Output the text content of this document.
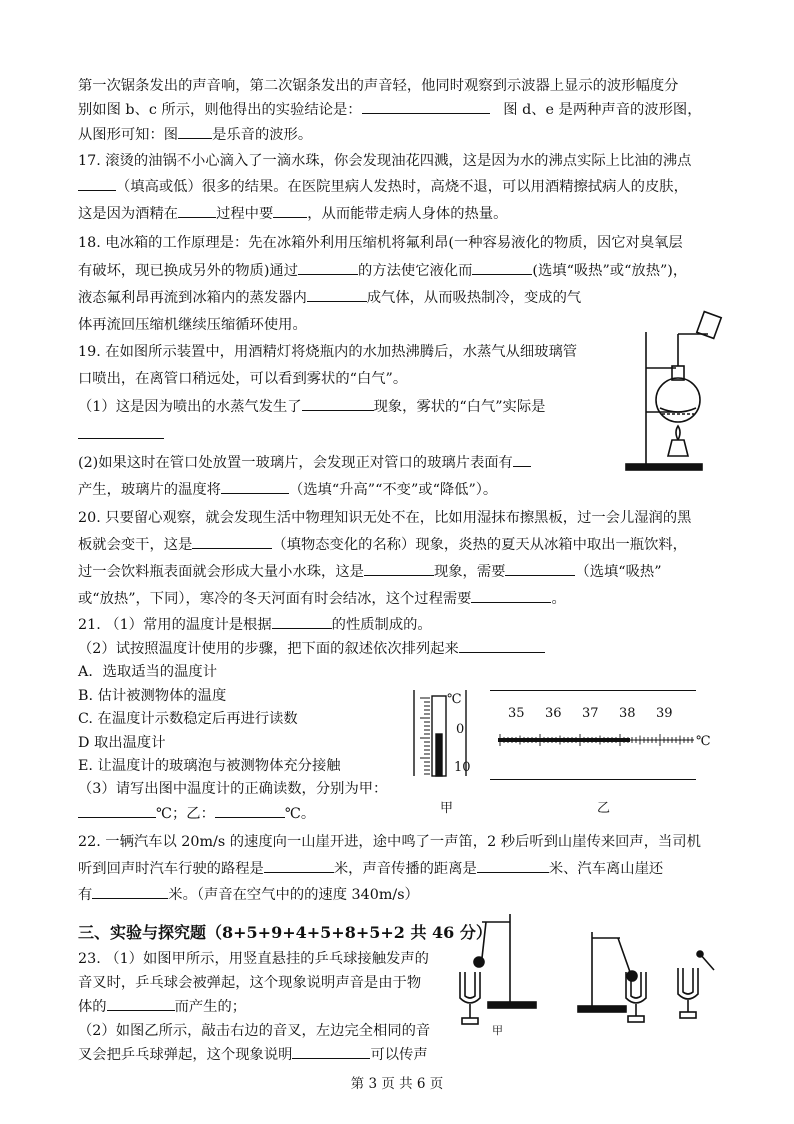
第一次锯条发出的声音响，第二次锯条发出的声音轻，他同时观察到示波器上显示的波形幅度分
别如图 b、c 所示，则他得出的实验结论是：	图 d、e 是两种声音的波形图，
从图形可知：图 是乐音的波形。
17. 滚烫的油锅不小心滴入了一滴水珠，你会发现油花四溅，这是因为水的沸点实际上比油的沸点
（填高或低）很多的结果。在医院里病人发热时，高烧不退，可以用酒精擦拭病人的皮肤，
这是因为酒精在	过程中要 ，从而能带走病人身体的热量。
18. 电冰箱的工作原理是：先在冰箱外利用压缩机将氟利昂(一种容易液化的物质，因它对臭氧层
有破坏，现已换成另外的物质)通过	的方法使它液化而	(选填“吸热”或“放热”)，
液态氟利昂再流到冰箱内的蒸发器内	成气体，从而吸热制冷，变成的气
体再流回压缩机继续压缩循环使用。
19. 在如图所示装置中，用酒精灯将烧瓶内的水加热沸腾后，水蒸气从细玻璃管
口喷出，在离管口稍远处，可以看到雾状的“白气”。
（1）这是因为喷出的水蒸气发生了	现象，雾状的“白气”实际是
(2)如果这时在管口处放置一玻璃片，会发现正对管口的玻璃片表面有
产生，玻璃片的温度将	（选填“升高”“不变”或“降低”）。
20. 只要留心观察，就会发现生活中物理知识无处不在，比如用湿抹布擦黑板，过一会儿湿润的黑
板就会变干，这是	（填物态变化的名称）现象，炎热的夏天从冰箱中取出一瓶饮料，
过一会饮料瓶表面就会形成大量小水珠，这是	现象，需要	（选填“吸热”
或“放热”，下同），寒冷的冬天河面有时会结冰，这个过程需要	。
21. （1）常用的温度计是根据	的性质制成的。
（2）试按照温度计使用的步骤，把下面的叙述依次排列起来
A．选取适当的温度计
B. 估计被测物体的温度
C. 在温度计示数稳定后再进行读数
D 取出温度计
E. 让温度计的玻璃泡与被测物体充分接触
（3）请写出图中温度计的正确读数，分别为甲：
℃；乙：	℃。
22. 一辆汽车以 20m/s 的速度向一山崖开进，途中鸣了一声笛，2 秒后听到山崖传来回声，当司机
听到回声时汽车行驶的路程是	米，声音传播的距离是	米、汽车离山崖还
有	米。（声音在空气中的的速度 340m/s）
三、实验与探究题（8+5+9+4+5+8+5+2 共 46 分）
23. （1）如图甲所示，用竖直悬挂的乒乓球接触发声的
音叉时，乒乓球会被弹起，这个现象说明声音是由于物
体的	而产生的；
（2）如图乙所示，敲击右边的音叉，左边完全相同的音
叉会把乒乓球弹起，这个现象说明	可以传声
℃
0
10
35 36 37 38 39
℃
甲	乙
甲
第 3 页 共 6 页
